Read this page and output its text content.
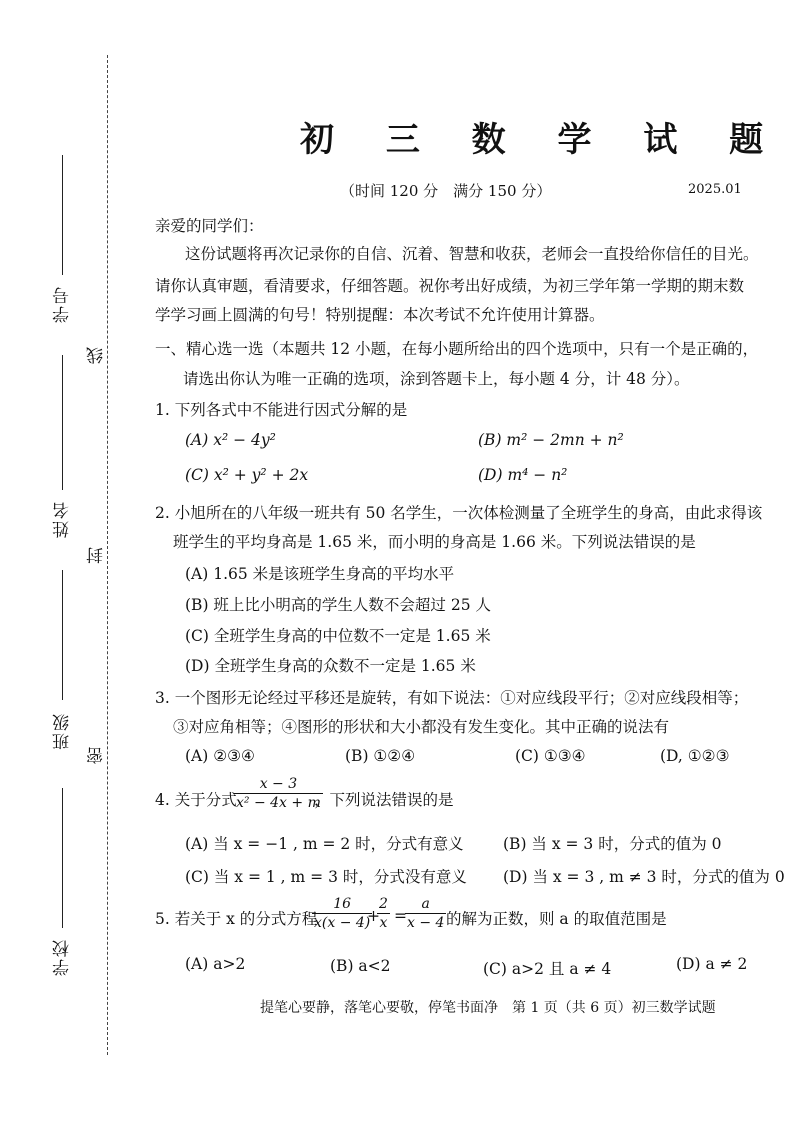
学号
姓名
班级
学校
线
封
密
初 三 数 学 试 题
（时间 120 分　满分 150 分）	2025.01
亲爱的同学们：
这份试题将再次记录你的自信、沉着、智慧和收获，老师会一直投给你信任的目光。
请你认真审题，看清要求，仔细答题。祝你考出好成绩，为初三学年第一学期的期末数
学学习画上圆满的句号！特别提醒：本次考试不允许使用计算器。
一、精心选一选（本题共 12 小题，在每小题所给出的四个选项中，只有一个是正确的，
请选出你认为唯一正确的选项，涂到答题卡上，每小题 4 分，计 48 分）。
1. 下列各式中不能进行因式分解的是
(A) x² − 4y²	(B) m² − 2mn + n²
(C) x² + y² + 2x	(D) m⁴ − n²
2. 小旭所在的八年级一班共有 50 名学生，一次体检测量了全班学生的身高，由此求得该
班学生的平均身高是 1.65 米，而小明的身高是 1.66 米。下列说法错误的是
(A) 1.65 米是该班学生身高的平均水平
(B) 班上比小明高的学生人数不会超过 25 人
(C) 全班学生身高的中位数不一定是 1.65 米
(D) 全班学生身高的众数不一定是 1.65 米
3. 一个图形无论经过平移还是旋转，有如下说法：①对应线段平行；②对应线段相等；
③对应角相等；④图形的形状和大小都没有发生变化。其中正确的说法有
(A) ②③④	(B) ①②④	(C) ①③④	(D, ①②③
4. 关于分式
$\frac{x - 3}{\text{x² − 4x + m}}$
，下列说法错误的是
(A) 当 x = −1 , m = 2 时，分式有意义	(B) 当 x = 3 时，分式的值为 0
(C) 当 x = 1 , m = 3 时，分式没有意义 (D) 当 x = 3 , m ≠ 3 时，分式的值为 0
5. 若关于 x 的分式方程
$\frac{16}{x(x - 4)}$
+
$\frac{2}{x}$ =
$\frac{a}{x - 4}$ 的解为正数，则 a 的取值范围是
(A) a>2	(B) a<2	(C) a>2 且 a ≠ 4	(D) a ≠ 2
提笔心要静，落笔心要敬，停笔书面净　第 1 页（共 6 页）初三数学试题
